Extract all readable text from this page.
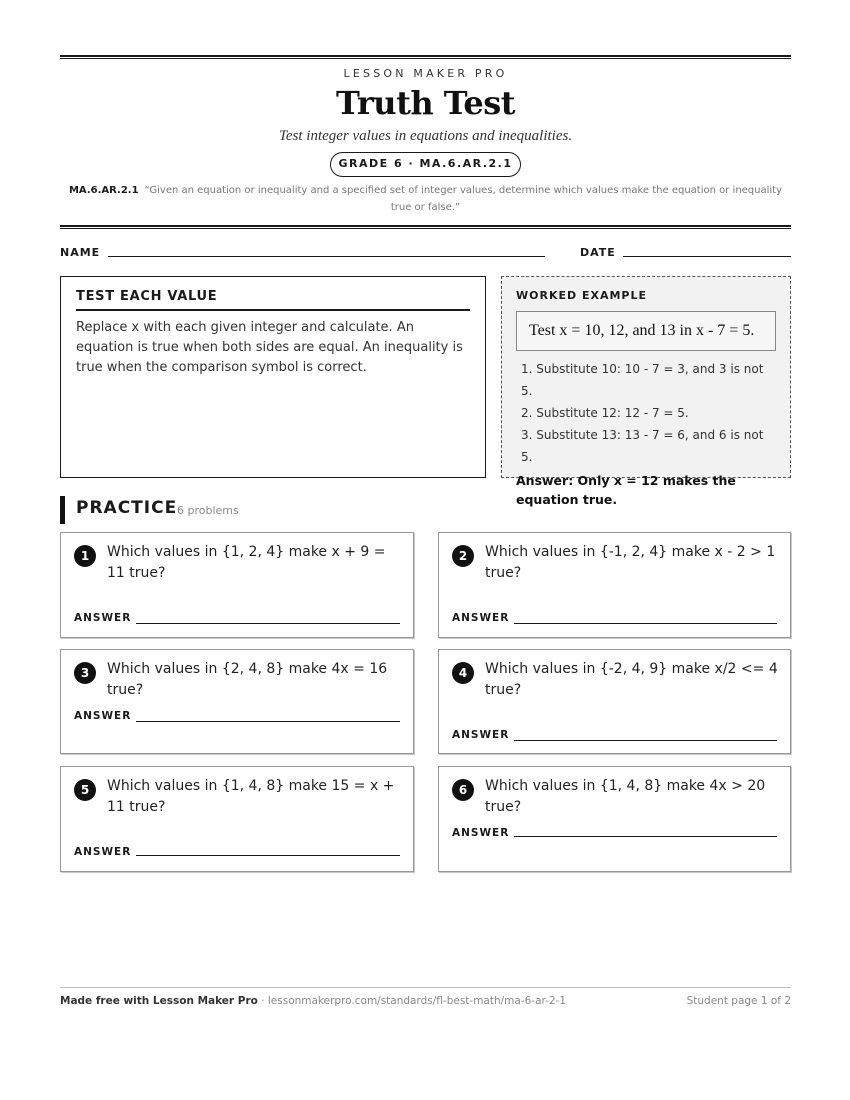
LESSON MAKER PRO
Truth Test
Test integer values in equations and inequalities.
GRADE 6 · MA.6.AR.2.1
MA.6.AR.2.1 “Given an equation or inequality and a specified set of integer values, determine which values make the equation or inequality true or false.”
NAME	DATE
TEST EACH VALUE
Replace x with each given integer and calculate. An equation is true when both sides are equal. An inequality is true when the comparison symbol is correct.
WORKED EXAMPLE
Test x = 10, 12, and 13 in x - 7 = 5.
1. Substitute 10: 10 - 7 = 3, and 3 is not 5.
2. Substitute 12: 12 - 7 = 5.
3. Substitute 13: 13 - 7 = 6, and 6 is not 5.
Answer: Only x = 12 makes the equation true.
PRACTICE 6 problems
1	Which values in {1, 2, 4} make x + 9 = 11 true?
ANSWER
2	Which values in {-1, 2, 4} make x - 2 > 1 true?
ANSWER
3	Which values in {2, 4, 8} make 4x = 16 true?
ANSWER
4	Which values in {-2, 4, 9} make x/2 <= 4 true?
ANSWER
5	Which values in {1, 4, 8} make 15 = x + 11 true?
ANSWER
6	Which values in {1, 4, 8} make 4x > 20 true?
ANSWER
Made free with Lesson Maker Pro · lessonmakerpro.com/standards/fl-best-math/ma-6-ar-2-1	Student page 1 of 2
